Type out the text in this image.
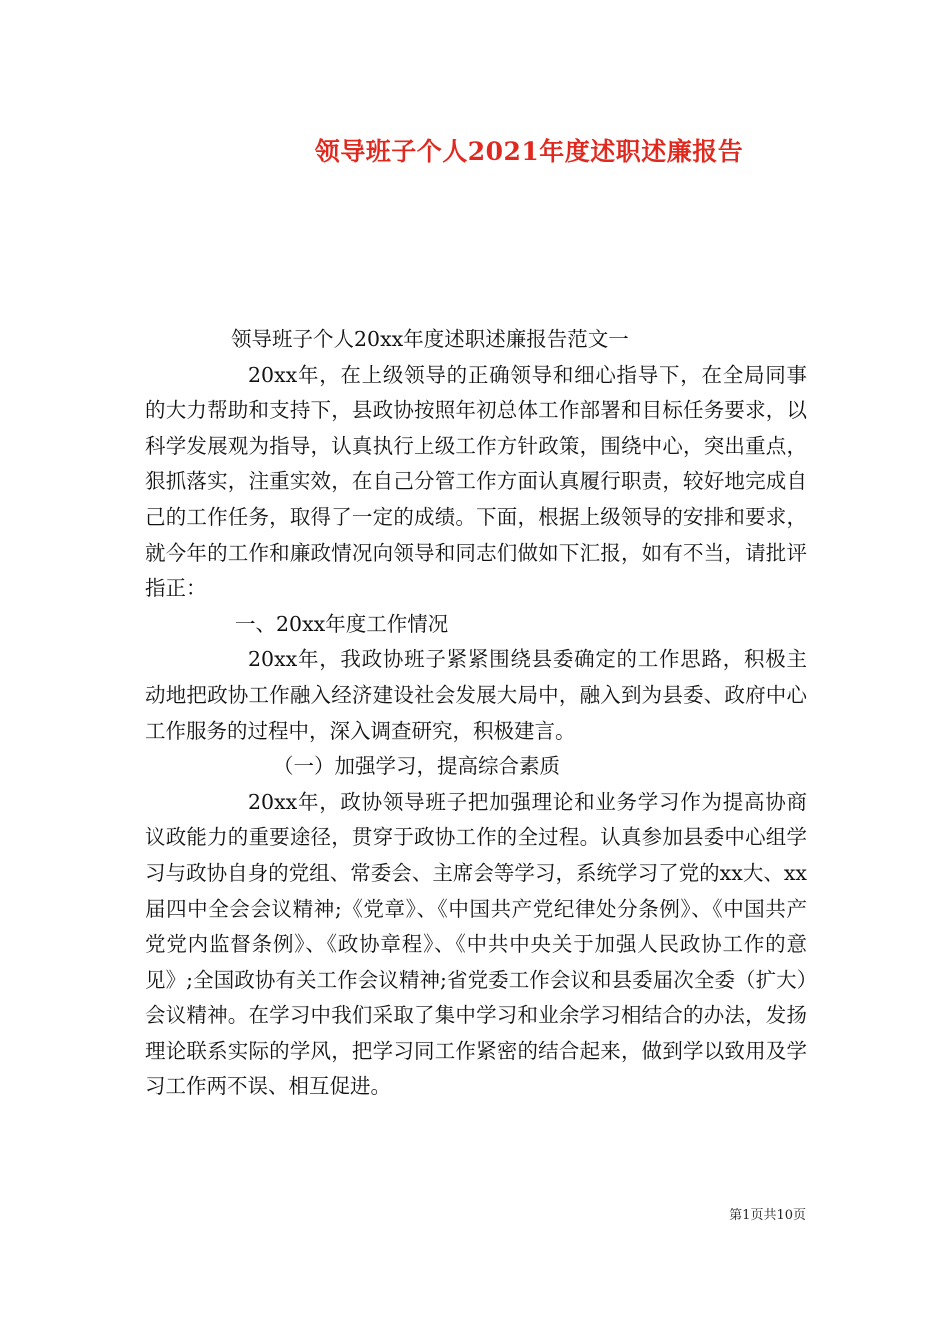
领导班子个人2021年度述职述廉报告

领导班子个人20xx年度述职述廉报告范文一

20xx年，在上级领导的正确领导和细心指导下，在全局同事的大力帮助和支持下，县政协按照年初总体工作部署和目标任务要求，以科学发展观为指导，认真执行上级工作方针政策，围绕中心，突出重点，狠抓落实，注重实效，在自己分管工作方面认真履行职责，较好地完成自己的工作任务，取得了一定的成绩。下面，根据上级领导的安排和要求，就今年的工作和廉政情况向领导和同志们做如下汇报，如有不当，请批评指正：

一、20xx年度工作情况

20xx年，我政协班子紧紧围绕县委确定的工作思路，积极主动地把政协工作融入经济建设社会发展大局中，融入到为县委、政府中心工作服务的过程中，深入调查研究，积极建言。

（一）加强学习，提高综合素质

20xx年，政协领导班子把加强理论和业务学习作为提高协商议政能力的重要途径，贯穿于政协工作的全过程。认真参加县委中心组学习与政协自身的党组、常委会、主席会等学习，系统学习了党的xx大、xx届四中全会会议精神;《党章》、《中国共产党纪律处分条例》、《中国共产党党内监督条例》、《政协章程》、《中共中央关于加强人民政协工作的意见》;全国政协有关工作会议精神;省党委工作会议和县委届次全委（扩大）会议精神。在学习中我们采取了集中学习和业余学习相结合的办法，发扬理论联系实际的学风，把学习同工作紧密的结合起来，做到学以致用及学习工作两不误、相互促进。

第1页共10页
